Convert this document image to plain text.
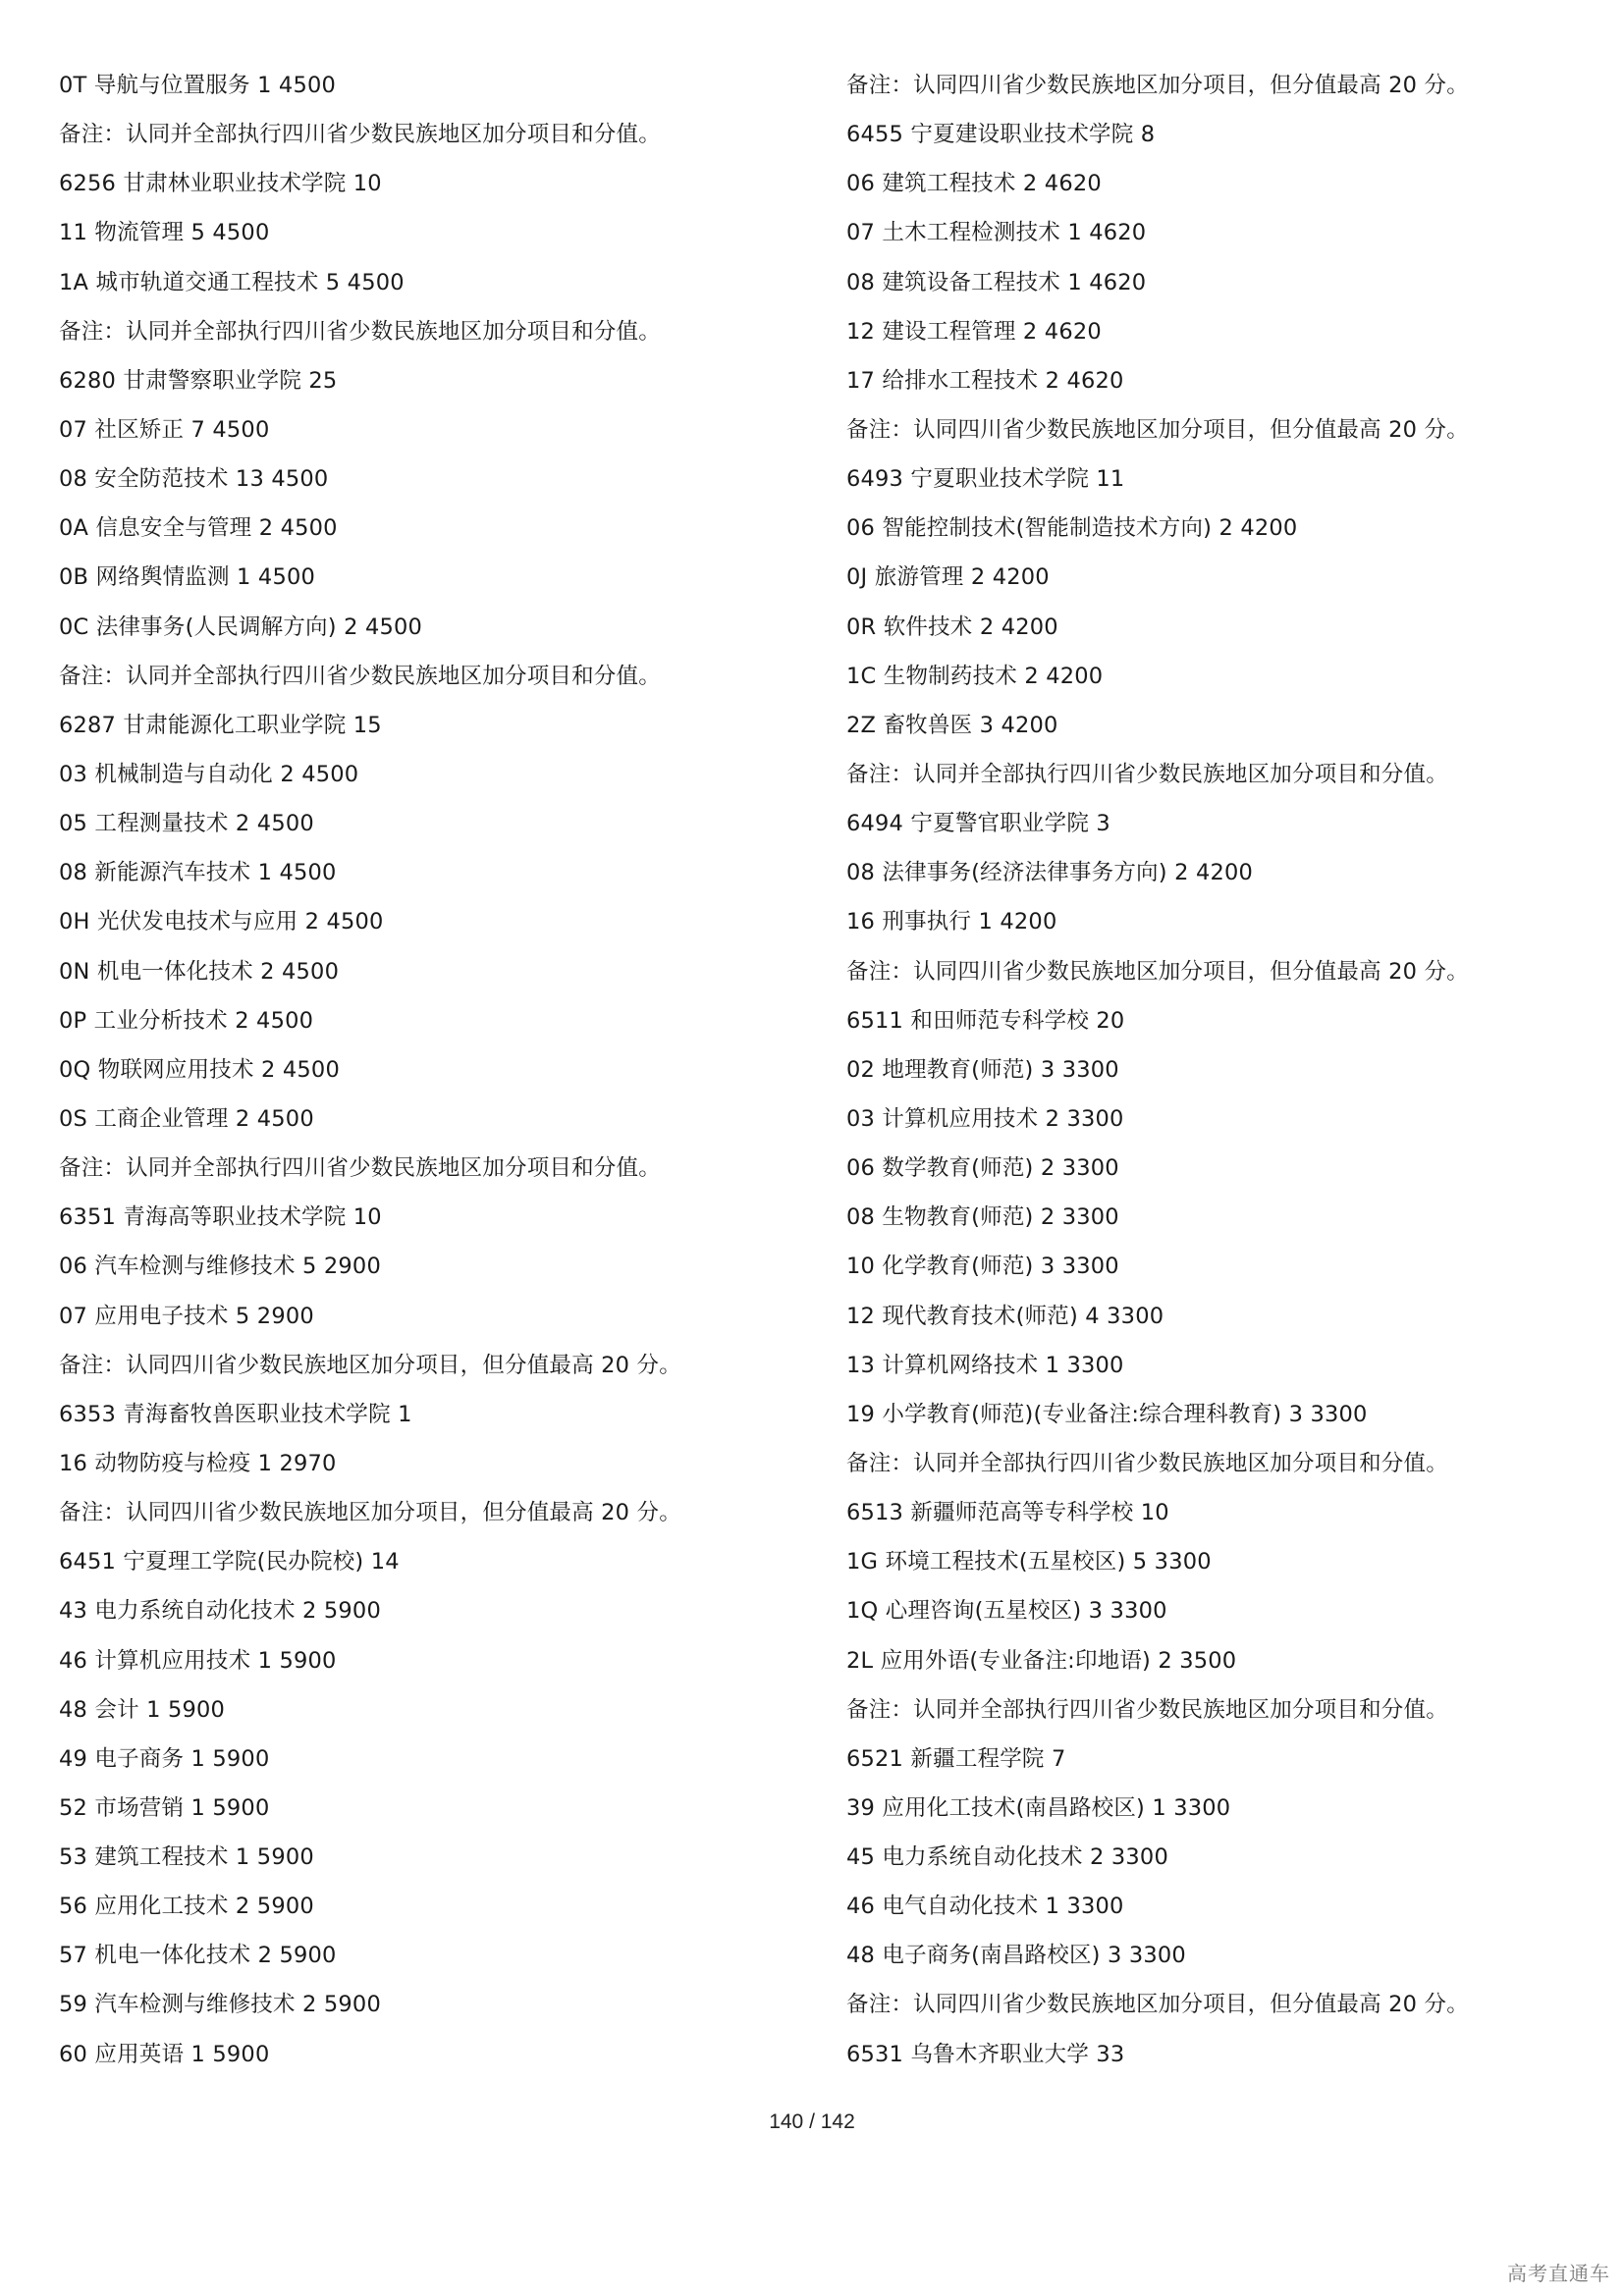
0T 导航与位置服务 1 4500
备注：认同并全部执行四川省少数民族地区加分项目和分值。
6256 甘肃林业职业技术学院 10
11 物流管理 5 4500
1A 城市轨道交通工程技术 5 4500
备注：认同并全部执行四川省少数民族地区加分项目和分值。
6280 甘肃警察职业学院 25
07 社区矫正 7 4500
08 安全防范技术 13 4500
0A 信息安全与管理 2 4500
0B 网络舆情监测 1 4500
0C 法律事务(人民调解方向) 2 4500
备注：认同并全部执行四川省少数民族地区加分项目和分值。
6287 甘肃能源化工职业学院 15
03 机械制造与自动化 2 4500
05 工程测量技术 2 4500
08 新能源汽车技术 1 4500
0H 光伏发电技术与应用 2 4500
0N 机电一体化技术 2 4500
0P 工业分析技术 2 4500
0Q 物联网应用技术 2 4500
0S 工商企业管理 2 4500
备注：认同并全部执行四川省少数民族地区加分项目和分值。
6351 青海高等职业技术学院 10
06 汽车检测与维修技术 5 2900
07 应用电子技术 5 2900
备注：认同四川省少数民族地区加分项目，但分值最高 20 分。
6353 青海畜牧兽医职业技术学院 1
16 动物防疫与检疫 1 2970
备注：认同四川省少数民族地区加分项目，但分值最高 20 分。
6451 宁夏理工学院(民办院校) 14
43 电力系统自动化技术 2 5900
46 计算机应用技术 1 5900
48 会计 1 5900
49 电子商务 1 5900
52 市场营销 1 5900
53 建筑工程技术 1 5900
56 应用化工技术 2 5900
57 机电一体化技术 2 5900
59 汽车检测与维修技术 2 5900
60 应用英语 1 5900
备注：认同四川省少数民族地区加分项目，但分值最高 20 分。
6455 宁夏建设职业技术学院 8
06 建筑工程技术 2 4620
07 土木工程检测技术 1 4620
08 建筑设备工程技术 1 4620
12 建设工程管理 2 4620
17 给排水工程技术 2 4620
备注：认同四川省少数民族地区加分项目，但分值最高 20 分。
6493 宁夏职业技术学院 11
06 智能控制技术(智能制造技术方向) 2 4200
0J 旅游管理 2 4200
0R 软件技术 2 4200
1C 生物制药技术 2 4200
2Z 畜牧兽医 3 4200
备注：认同并全部执行四川省少数民族地区加分项目和分值。
6494 宁夏警官职业学院 3
08 法律事务(经济法律事务方向) 2 4200
16 刑事执行 1 4200
备注：认同四川省少数民族地区加分项目，但分值最高 20 分。
6511 和田师范专科学校 20
02 地理教育(师范) 3 3300
03 计算机应用技术 2 3300
06 数学教育(师范) 2 3300
08 生物教育(师范) 2 3300
10 化学教育(师范) 3 3300
12 现代教育技术(师范) 4 3300
13 计算机网络技术 1 3300
19 小学教育(师范)(专业备注:综合理科教育) 3 3300
备注：认同并全部执行四川省少数民族地区加分项目和分值。
6513 新疆师范高等专科学校 10
1G 环境工程技术(五星校区) 5 3300
1Q 心理咨询(五星校区) 3 3300
2L 应用外语(专业备注:印地语) 2 3500
备注：认同并全部执行四川省少数民族地区加分项目和分值。
6521 新疆工程学院 7
39 应用化工技术(南昌路校区) 1 3300
45 电力系统自动化技术 2 3300
46 电气自动化技术 1 3300
48 电子商务(南昌路校区) 3 3300
备注：认同四川省少数民族地区加分项目，但分值最高 20 分。
6531 乌鲁木齐职业大学 33
140 / 142
高考直通车
